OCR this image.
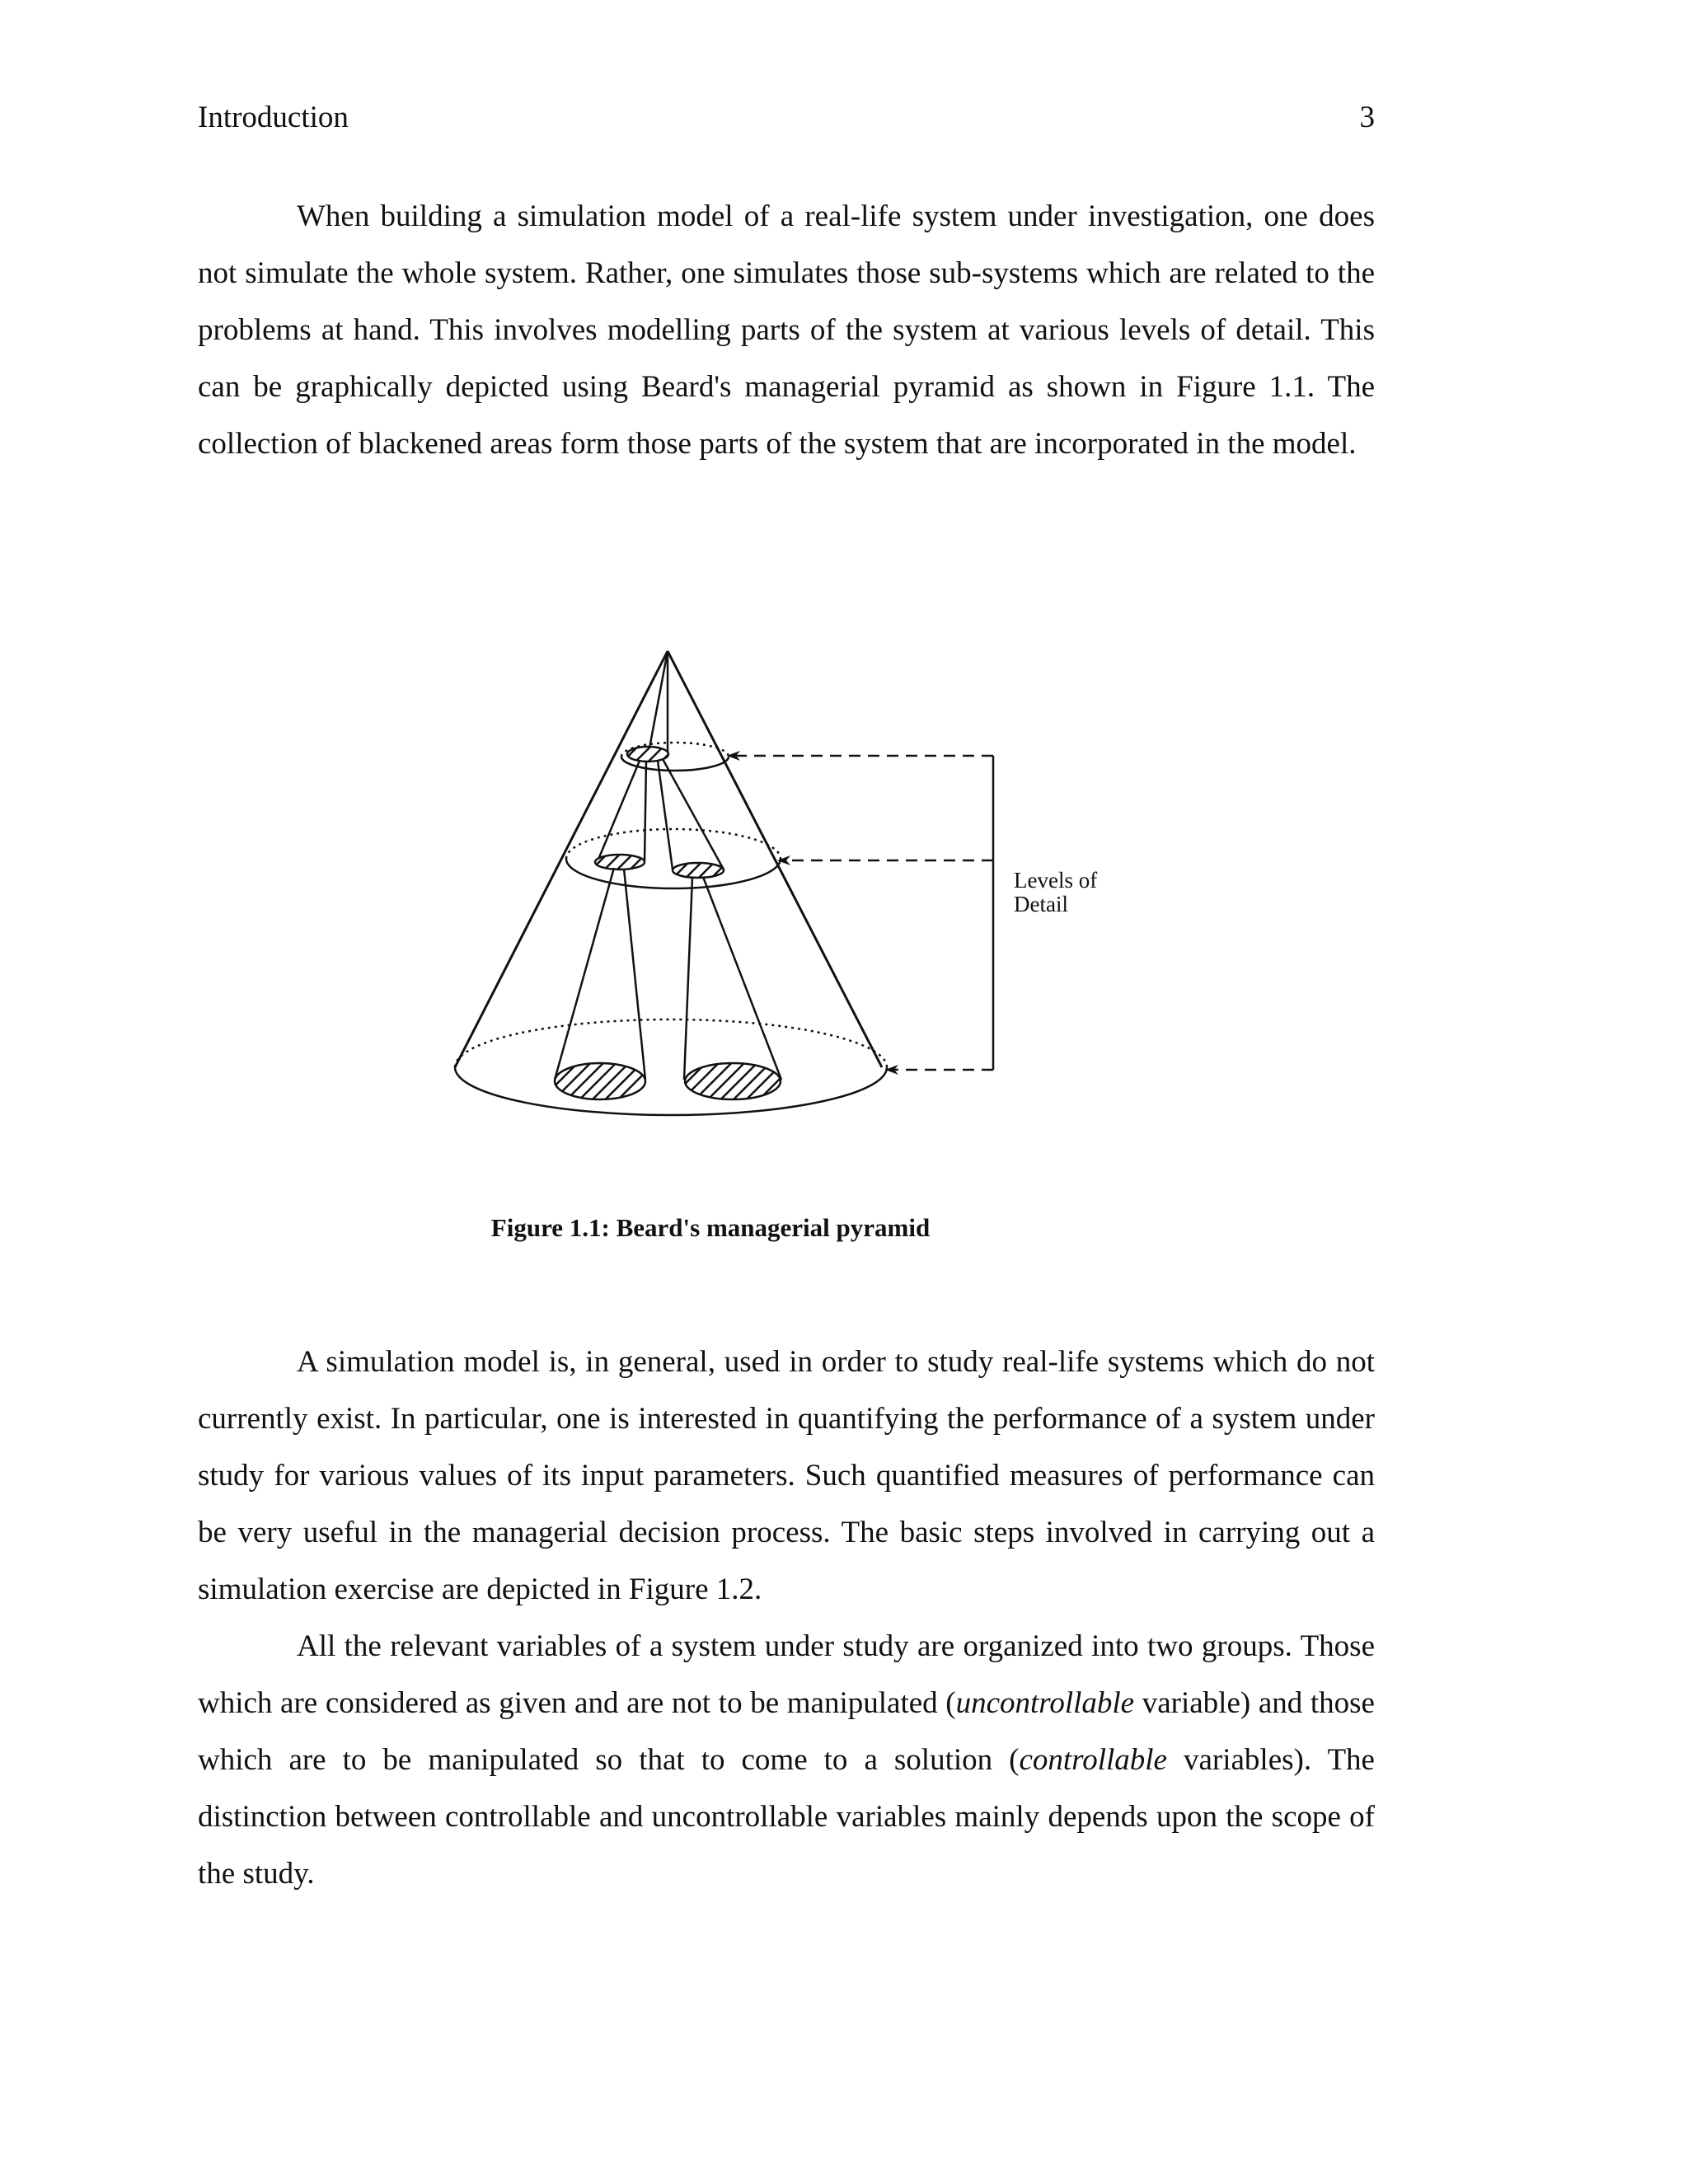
Introduction	3

When building a simulation model of a real-life system under investigation, one does not simulate the whole system. Rather, one simulates those sub-systems which are related to the problems at hand. This involves modelling parts of the system at various levels of detail. This can be graphically depicted using Beard's managerial pyramid as shown in Figure 1.1. The collection of blackened areas form those parts of the system that are incorporated in the model.

Levels of
Detail
Figure 1.1: Beard's managerial pyramid

A simulation model is, in general, used in order to study real-life systems which do not currently exist. In particular, one is interested in quantifying the performance of a system under study for various values of its input parameters. Such quantified measures of performance can be very useful in the managerial decision process. The basic steps involved in carrying out a simulation exercise are depicted in Figure 1.2.

All the relevant variables of a system under study are organized into two groups. Those which are considered as given and are not to be manipulated (uncontrollable variable) and those which are to be manipulated so that to come to a solution (controllable variables). The distinction between controllable and uncontrollable variables mainly depends upon the scope of the study.
